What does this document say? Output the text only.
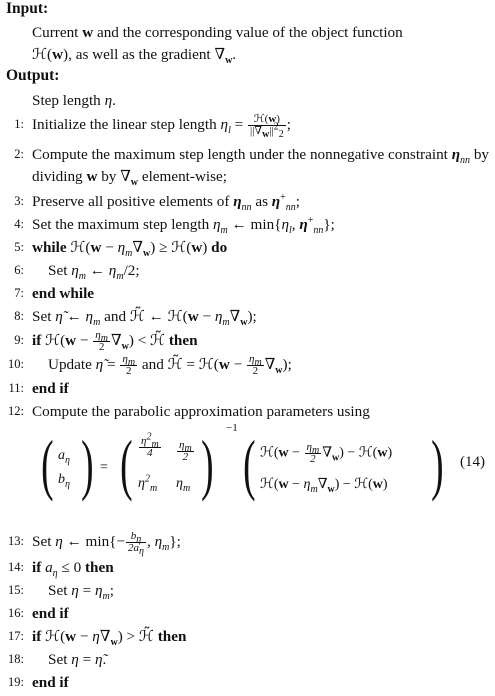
Input:
Current w and the corresponding value of the object function
ℋ(w), as well as the gradient $\nabla_w$.
Output:
Step length η.
1: Initialize the linear step length $\eta_l = \frac{\text{ℋ(w)}}{||\nabla_w||^2_2}$ ;
2: Compute the maximum step length under the nonnegative constraint $\eta_{nn}$ by dividing w by $\nabla_w$ element-wise;
3: Preserve all positive elements of $\eta_{nn}$ as $\eta^+_{nn}$;
4: Set the maximum step length $\eta_m$ ← $\min\{\eta_l$, $\eta^+_{nn}$};
5: while ℋ(w − $\eta_m\nabla_w$) ≥ ℋ(w) do
6: Set $\eta_m$ ← $\eta_m/2$;
7: end while
8: Set η̃ ← $\eta_m$ and ℋ̃ ← ℋ(w − $\eta_m\nabla_w$);
9: if ℋ(w − $\frac{\eta_m}{2} \nabla_w$) < ℋ̃ then
10: Update η̃ = $\frac{\eta_m}{2}$ and ℋ̃ = ℋ(w − $\frac{\eta_m}{2} \nabla_w$);
11: end if
12: Compute the parabolic approximation parameters using
( $a_\eta$
$b_\eta$ ) = ( $\frac{\eta^2_m}{4} \frac{\eta_m}{2}$
$\eta^2_m$ $\eta_m$ ) −1 ( ℋ(w − $\frac{\eta_m}{2} \nabla_w$) − ℋ(w)
ℋ(w − $\eta_m\nabla_w$) − ℋ(w) ) (14)
13: Set η ← $\min\{- \frac{b_\eta}{2a_\eta}$ , $\eta_m$};
14: if $a_\eta \le 0$ then
15: Set $\eta = \eta_m$;
16: end if
17: if ℋ(w − $\eta\nabla_w$) > ℋ̃ then
18: Set η = η̃.
19: end if
